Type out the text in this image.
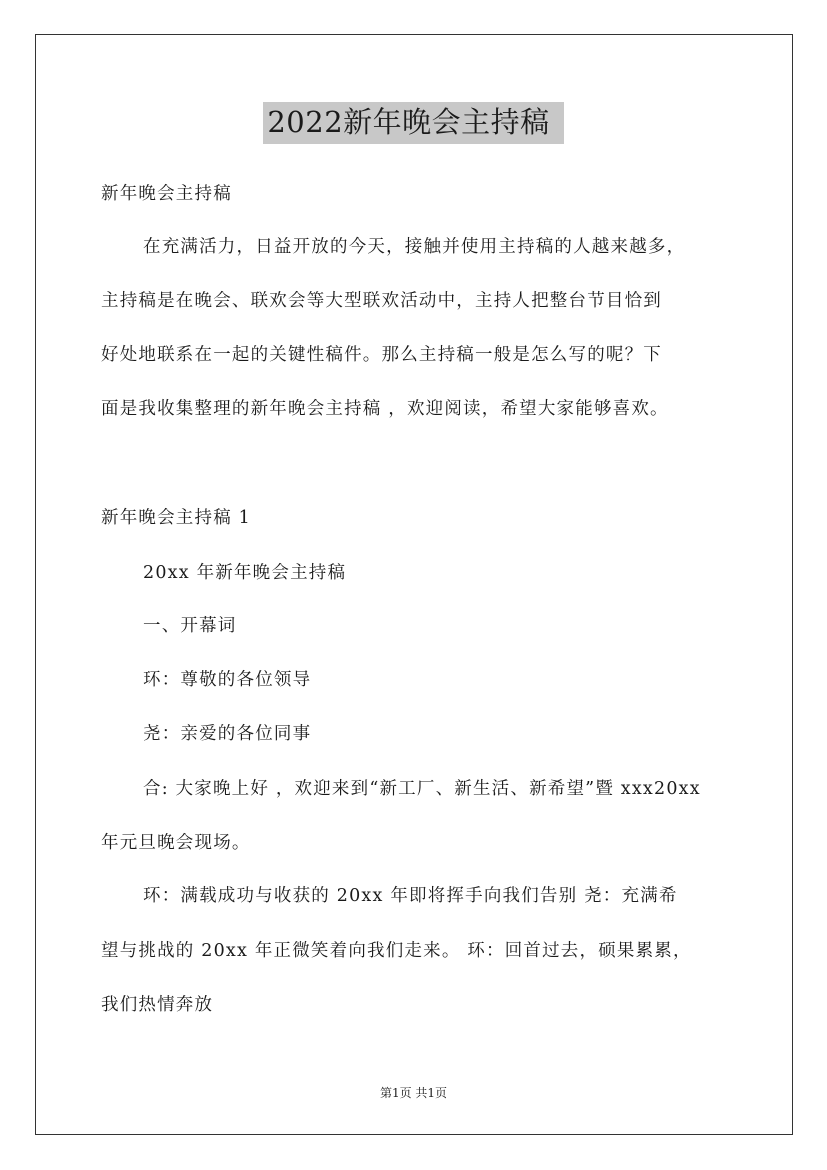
2022新年晚会主持稿
新年晚会主持稿
在充满活力，日益开放的今天，接触并使用主持稿的人越来越多，
主持稿是在晚会、联欢会等大型联欢活动中，主持人把整台节目恰到
好处地联系在一起的关键性稿件。那么主持稿一般是怎么写的呢？下
面是我收集整理的新年晚会主持稿 ，欢迎阅读，希望大家能够喜欢。
新年晚会主持稿 1
20xx 年新年晚会主持稿
一、开幕词
环：尊敬的各位领导
尧：亲爱的各位同事
合: 大家晚上好 ，欢迎来到“新工厂、新生活、新希望”暨 xxx20xx
年元旦晚会现场。
环：满载成功与收获的 20xx 年即将挥手向我们告别 尧：充满希
望与挑战的 20xx 年正微笑着向我们走来。 环：回首过去，硕果累累，
我们热情奔放
第1页 共1页
